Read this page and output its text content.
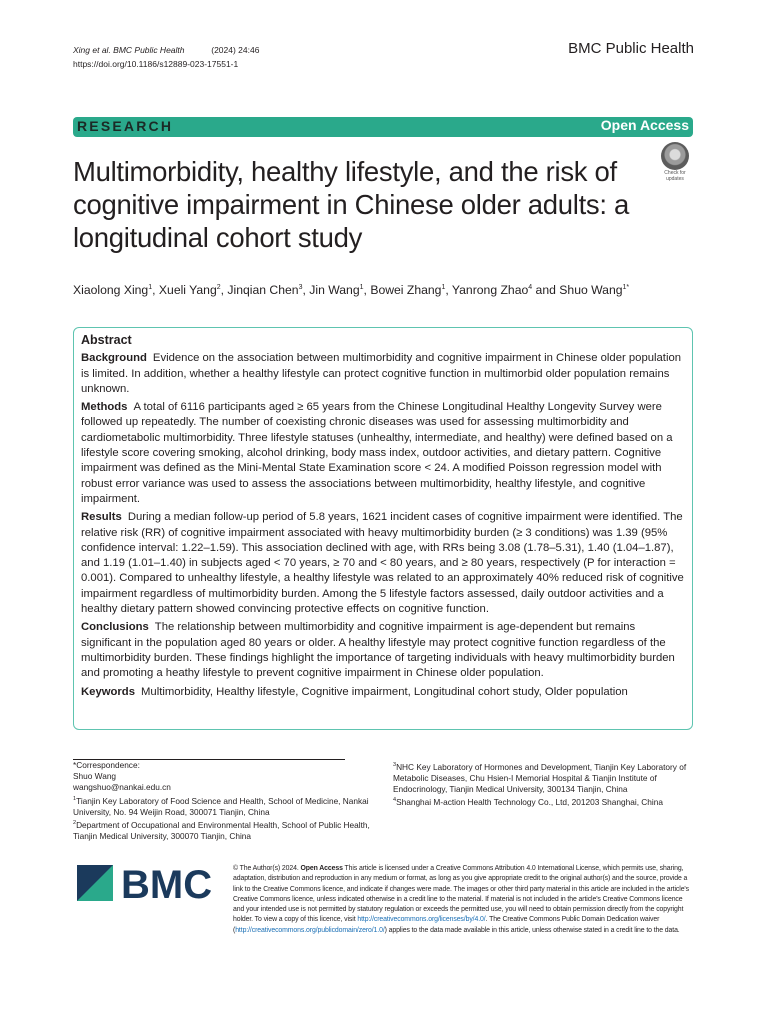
Xing et al. BMC Public Health	(2024) 24:46
https://doi.org/10.1186/s12889-023-17551-1
BMC Public Health
RESEARCH	Open Access
Multimorbidity, healthy lifestyle, and the risk of cognitive impairment in Chinese older adults: a longitudinal cohort study
Check for updates
Xiaolong Xing$^1$, Xueli Yang$^2$, Jinqian Chen$^3$, Jin Wang$^1$, Bowei Zhang$^1$, Yanrong Zhao$^4$ and Shuo Wang$^{1*}$
Abstract

Background Evidence on the association between multimorbidity and cognitive impairment in Chinese older population is limited. In addition, whether a healthy lifestyle can protect cognitive function in multimorbid older population remains unknown.

Methods A total of 6116 participants aged ≥ 65 years from the Chinese Longitudinal Healthy Longevity Survey were followed up repeatedly. The number of coexisting chronic diseases was used for assessing multimorbidity and cardiometabolic multimorbidity. Three lifestyle statuses (unhealthy, intermediate, and healthy) were defined based on a lifestyle score covering smoking, alcohol drinking, body mass index, outdoor activities, and dietary pattern. Cognitive impairment was defined as the Mini-Mental State Examination score < 24. A modified Poisson regression model with robust error variance was used to assess the associations between multimorbidity, healthy lifestyle, and cognitive impairment.

Results During a median follow-up period of 5.8 years, 1621 incident cases of cognitive impairment were identified. The relative risk (RR) of cognitive impairment associated with heavy multimorbidity burden (≥ 3 conditions) was 1.39 (95% confidence interval: 1.22–1.59). This association declined with age, with RRs being 3.08 (1.78–5.31), 1.40 (1.04–1.87), and 1.19 (1.01–1.40) in subjects aged < 70 years, ≥ 70 and < 80 years, and ≥ 80 years, respectively (P for interaction = 0.001). Compared to unhealthy lifestyle, a healthy lifestyle was related to an approximately 40% reduced risk of cognitive impairment regardless of multimorbidity burden. Among the 5 lifestyle factors assessed, daily outdoor activities and a healthy dietary pattern showed convincing protective effects on cognitive function.

Conclusions The relationship between multimorbidity and cognitive impairment is age-dependent but remains significant in the population aged 80 years or older. A healthy lifestyle may protect cognitive function regardless of the multimorbidity burden. These findings highlight the importance of targeting individuals with heavy multimorbidity burden and promoting a heathy lifestyle to prevent cognitive impairment in Chinese older population.

Keywords Multimorbidity, Healthy lifestyle, Cognitive impairment, Longitudinal cohort study, Older population

*Correspondence:
Shuo Wang
wangshuo@nankai.edu.cn
$^1$Tianjin Key Laboratory of Food Science and Health, School of Medicine, Nankai University, No. 94 Weijin Road, 300071 Tianjin, China
$^2$Department of Occupational and Environmental Health, School of Public Health, Tianjin Medical University, 300070 Tianjin, China
$^3$NHC Key Laboratory of Hormones and Development, Tianjin Key Laboratory of Metabolic Diseases, Chu Hsien-I Memorial Hospital & Tianjin Institute of Endocrinology, Tianjin Medical University, 300134 Tianjin, China
$^4$Shanghai M-action Health Technology Co., Ltd, 201203 Shanghai, China
BMC	© The Author(s) 2024. Open Access This article is licensed under a Creative Commons Attribution 4.0 International License, which permits use, sharing, adaptation, distribution and reproduction in any medium or format, as long as you give appropriate credit to the original author(s) and the source, provide a link to the Creative Commons licence, and indicate if changes were made. The images or other third party material in this article are included in the article's Creative Commons licence, unless indicated otherwise in a credit line to the material. If material is not included in the article's Creative Commons licence and your intended use is not permitted by statutory regulation or exceeds the permitted use, you will need to obtain permission directly from the copyright holder. To view a copy of this licence, visit http://creativecommons.org/licenses/by/4.0/. The Creative Commons Public Domain Dedication waiver (http://creativecommons.org/publicdomain/zero/1.0/) applies to the data made available in this article, unless otherwise stated in a credit line to the data.
